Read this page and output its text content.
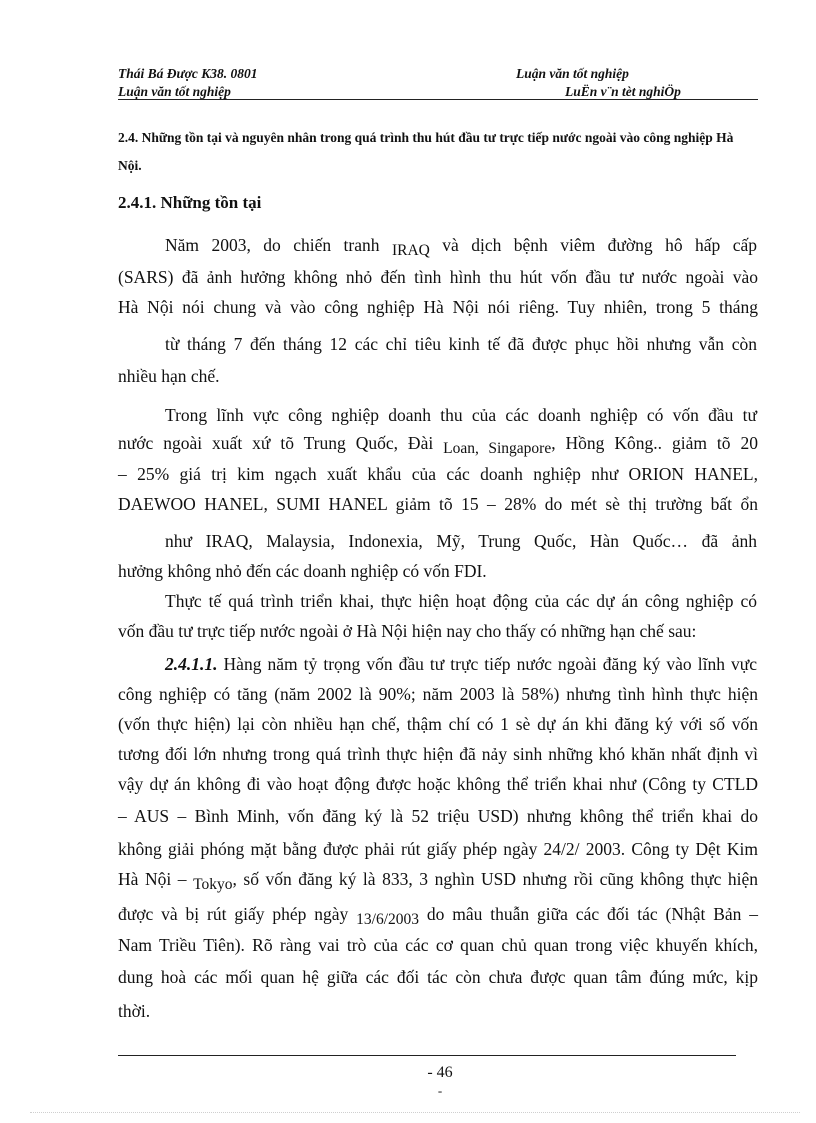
Thái Bá Được K38. 0801	Luận văn tốt nghiệp
Luận văn tốt nghiệp	LuËn v¨n tèt nghiÖp
2.4. Những tồn tại và nguyên nhân trong quá trình thu hút đầu tư trực tiếp nước ngoài vào công nghiệp Hà Nội.
2.4.1. Những tồn tại
Năm 2003, do chiến tranh IRAQ và dịch bệnh viêm đường hô hấp cấp
(SARS) đã ảnh hưởng không nhỏ đến tình hình thu hút vốn đầu tư nước ngoài vào
Hà Nội nói chung và vào công nghiệp Hà Nội nói riêng. Tuy nhiên, trong 5 tháng
từ tháng 7 đến tháng 12 các chỉ tiêu kinh tế đã được phục hồi nhưng vẫn còn
nhiều hạn chế.
Trong lĩnh vực công nghiệp doanh thu của các doanh nghiệp có vốn đầu tư
nước ngoài xuất xứ tõ Trung Quốc, Đài Loan, Singapore, Hồng Kông.. giảm tõ 20
– 25% giá trị kim ngạch xuất khẩu của các doanh nghiệp như ORION HANEL,
DAEWOO HANEL, SUMI HANEL giảm tõ 15 – 28% do mét sè thị trường bất ổn
như IRAQ, Malaysia, Indonexia, Mỹ, Trung Quốc, Hàn Quốc… đã ảnh
hưởng không nhỏ đến các doanh nghiệp có vốn FDI.
Thực tế quá trình triển khai, thực hiện hoạt động của các dự án công nghiệp có
vốn đầu tư trực tiếp nước ngoài ở Hà Nội hiện nay cho thấy có những hạn chế sau:
2.4.1.1. Hàng năm tỷ trọng vốn đầu tư trực tiếp nước ngoài đăng ký vào lĩnh vực
công nghiệp có tăng (năm 2002 là 90%; năm 2003 là 58%) nhưng tình hình thực hiện
(vốn thực hiện) lại còn nhiều hạn chế, thậm chí có 1 sè dự án khi đăng ký với số vốn
tương đối lớn nhưng trong quá trình thực hiện đã nảy sinh những khó khăn nhất định vì
vậy dự án không đi vào hoạt động được hoặc không thể triển khai như (Công ty CTLD
– AUS – Bình Minh, vốn đăng ký là 52 triệu USD) nhưng không thể triển khai do
không giải phóng mặt bằng được phải rút giấy phép ngày 24/2/ 2003. Công ty Dệt Kim
Hà Nội – Tokyo, số vốn đăng ký là 833, 3 nghìn USD nhưng rồi cũng không thực hiện
được và bị rút giấy phép ngày 13/6/2003 do mâu thuẫn giữa các đối tác (Nhật Bản –
Nam Triều Tiên). Rõ ràng vai trò của các cơ quan chủ quan trong việc khuyến khích,
dung hoà các mối quan hệ giữa các đối tác còn chưa được quan tâm đúng mức, kịp
thời.
- 46
-
